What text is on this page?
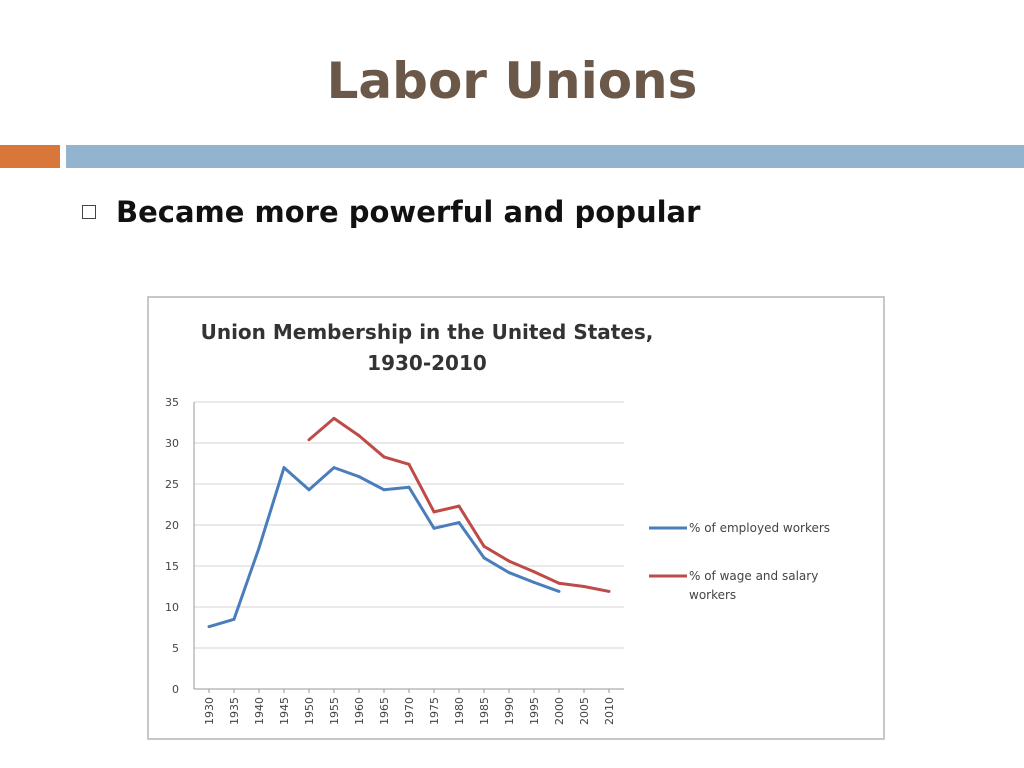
Labor Unions
Became more powerful and popular
Union Membership in the United States,
1930-2010
0
5
10
15
20
25
30
35
1930 1935 1940 1945 1950 1955 1960 1965 1970 1975 1980 1985 1990 1995 2000 2005 2010
% of employed workers
% of wage and salary
workers
